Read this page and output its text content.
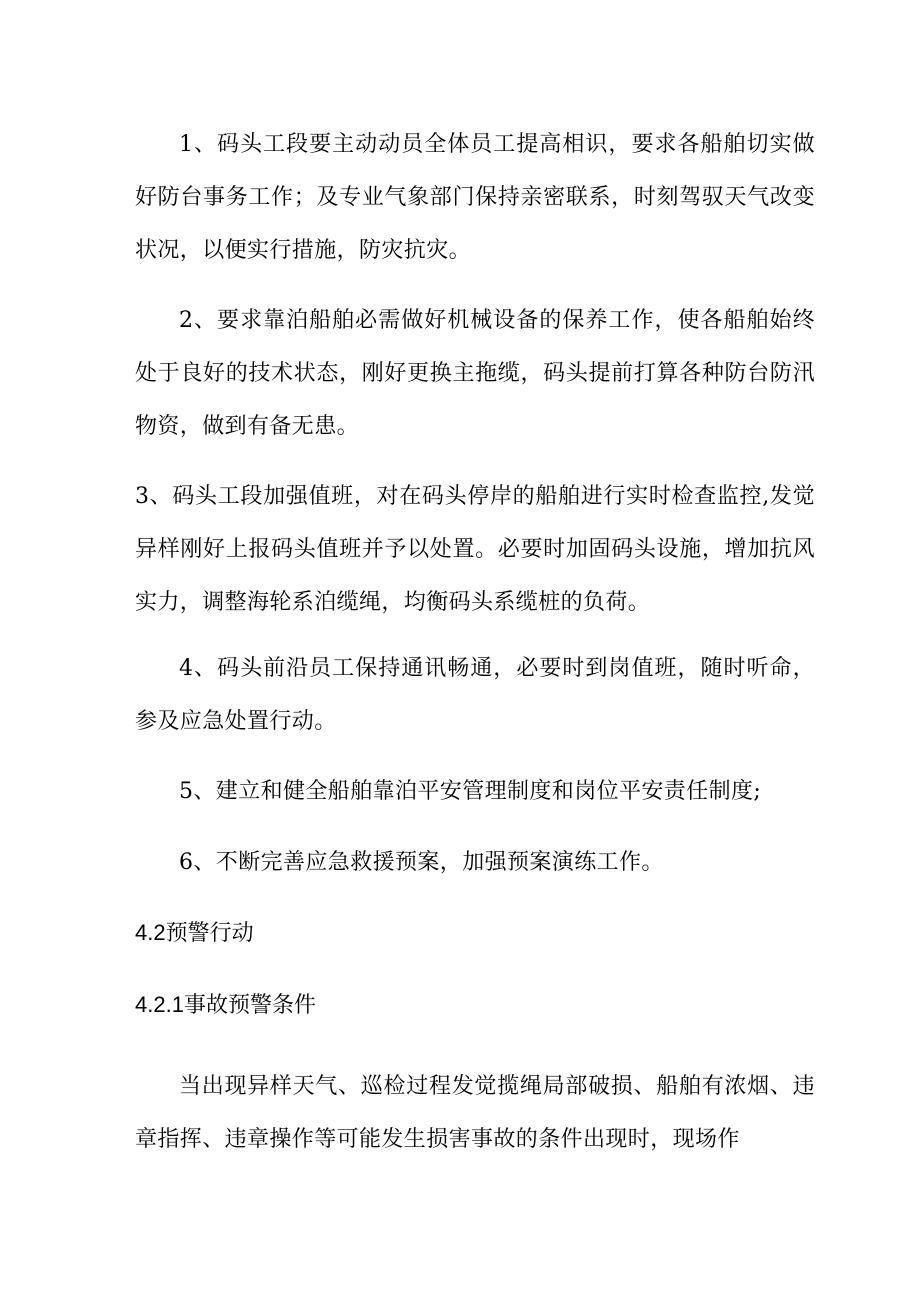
1、码头工段要主动动员全体员工提高相识，要求各船舶切实做好防台事务工作；及专业气象部门保持亲密联系，时刻驾驭天气改变状况，以便实行措施，防灾抗灾。

2、要求靠泊船舶必需做好机械设备的保养工作，使各船舶始终处于良好的技术状态，刚好更换主拖缆，码头提前打算各种防台防汛物资，做到有备无患。

3、码头工段加强值班，对在码头停岸的船舶进行实时检查监控,发觉异样刚好上报码头值班并予以处置。必要时加固码头设施，增加抗风实力，调整海轮系泊缆绳，均衡码头系缆桩的负荷。

4、码头前沿员工保持通讯畅通，必要时到岗值班，随时听命，参及应急处置行动。

5、建立和健全船舶靠泊平安管理制度和岗位平安责任制度;

6、不断完善应急救援预案，加强预案演练工作。

4.2预警行动
4.2.1事故预警条件

当出现异样天气、巡检过程发觉揽绳局部破损、船舶有浓烟、违章指挥、违章操作等可能发生损害事故的条件出现时，现场作
